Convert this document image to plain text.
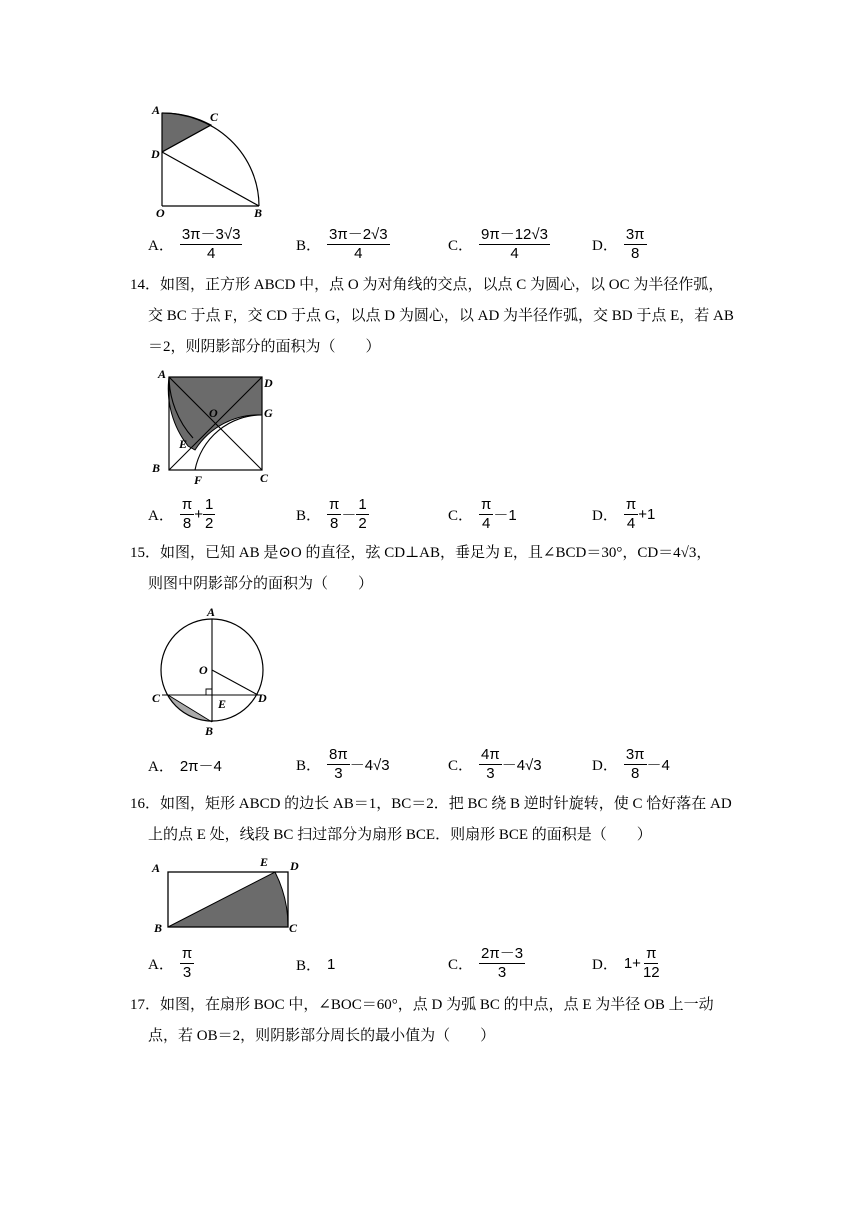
A	C
D
O	B
A． $\frac{3\pi-3√3}{4}$	B． $\frac{3\pi-2√3}{4}$	C． $\frac{9\pi-12√3}{4}$	D． $\frac{3\pi}{8}$
14．如图，正方形 ABCD 中，点 O 为对角线的交点，以点 C 为圆心，以 OC 为半径作弧，
交 BC 于点 F，交 CD 于点 G，以点 D 为圆心，以 AD 为半径作弧，交 BD 于点 E，若 AB
＝2，则阴影部分的面积为（　　）
A
D
O	G
E
B
F	C
A． $\frac{\pi}{8} + \frac{1}{2}$	B． $\frac{\pi}{8} - \frac{1}{2}$	C． $\frac{\pi}{4} -1$	D． $\frac{\pi}{4} +1$
15．如图，已知 AB 是⊙O 的直径，弦 CD⊥AB，垂足为 E，且∠BCD＝30°，CD＝4√3，
则图中阴影部分的面积为（　　）
A
O
C	E	D
B
A． 2π－4	B． $\frac{8\pi}{3} -4√3$	C． $\frac{4\pi}{3} -4√3$	D． $\frac{3\pi}{8} -4$
16．如图，矩形 ABCD 的边长 AB＝1，BC＝2．把 BC 绕 B 逆时针旋转，使 C 恰好落在 AD
上的点 E 处，线段 BC 扫过部分为扇形 BCE．则扇形 BCE 的面积是（　　）
A	E D
B	C
A． $\frac{\pi}{3}$	B． 1	C． $\frac{2\pi-3}{3}$	D． $1+ \frac{\pi}{12}$
17．如图，在扇形 BOC 中，∠BOC＝60°，点 D 为弧 BC 的中点，点 E 为半径 OB 上一动
点，若 OB＝2，则阴影部分周长的最小值为（　　）
